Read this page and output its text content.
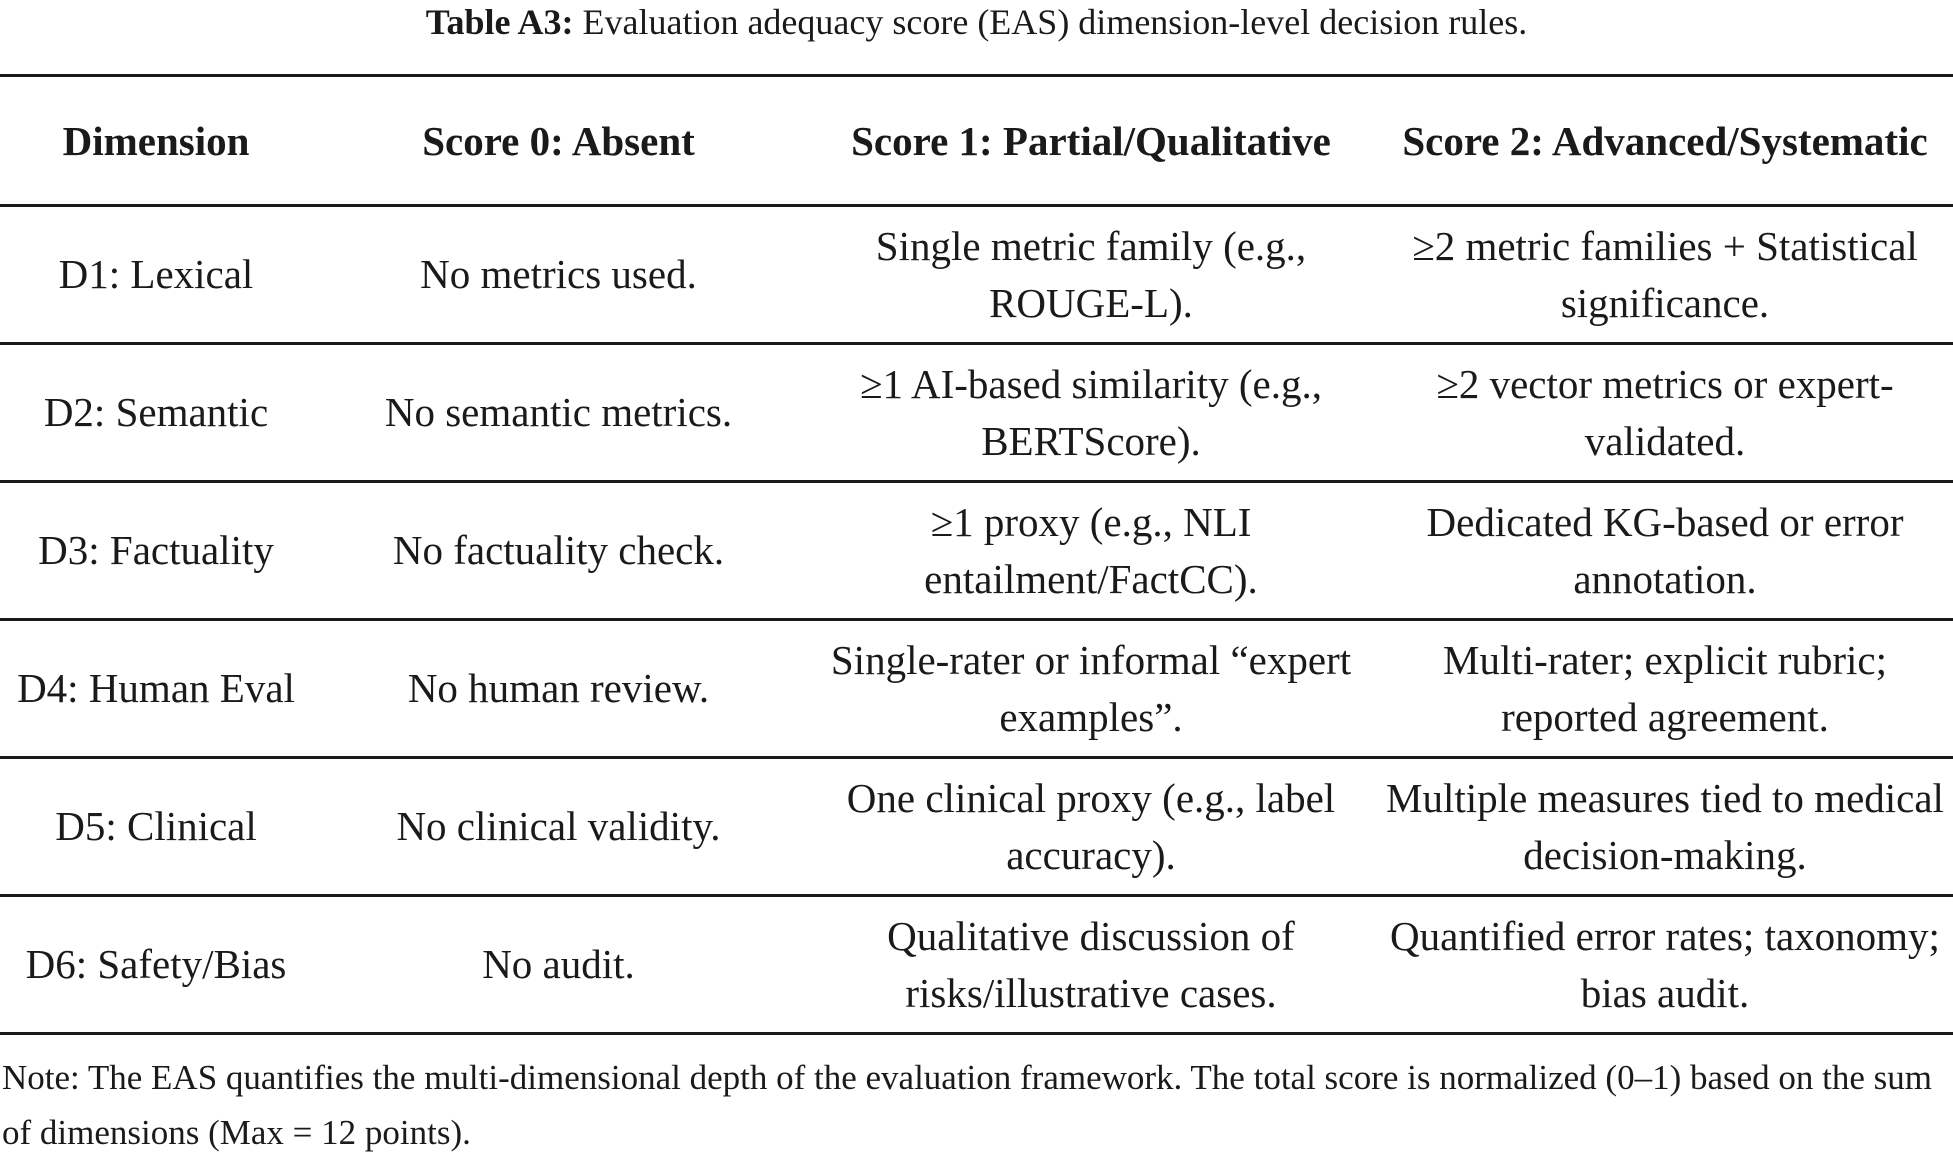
Table A3: Evaluation adequacy score (EAS) dimension-level decision rules.
Dimension	Score 0: Absent	Score 1: Partial/Qualitative	Score 2: Advanced/Systematic
D1: Lexical	No metrics used.	Single metric family (e.g., ROUGE-L).	≥2 metric families + Statistical significance.
D2: Semantic	No semantic metrics.	≥1 AI-based similarity (e.g., BERTScore).	≥2 vector metrics or expert-validated.
D3: Factuality	No factuality check.	≥1 proxy (e.g., NLI entailment/FactCC).	Dedicated KG-based or error annotation.
D4: Human Eval	No human review.	Single-rater or informal “expert examples”.	Multi-rater; explicit rubric; reported agreement.
D5: Clinical	No clinical validity.	One clinical proxy (e.g., label accuracy).	Multiple measures tied to medical decision-making.
D6: Safety/Bias	No audit.	Qualitative discussion of risks/illustrative cases.	Quantified error rates; taxonomy; bias audit.
Note: The EAS quantifies the multi-dimensional depth of the evaluation framework. The total score is normalized (0–1) based on the sum of dimensions (Max = 12 points).
